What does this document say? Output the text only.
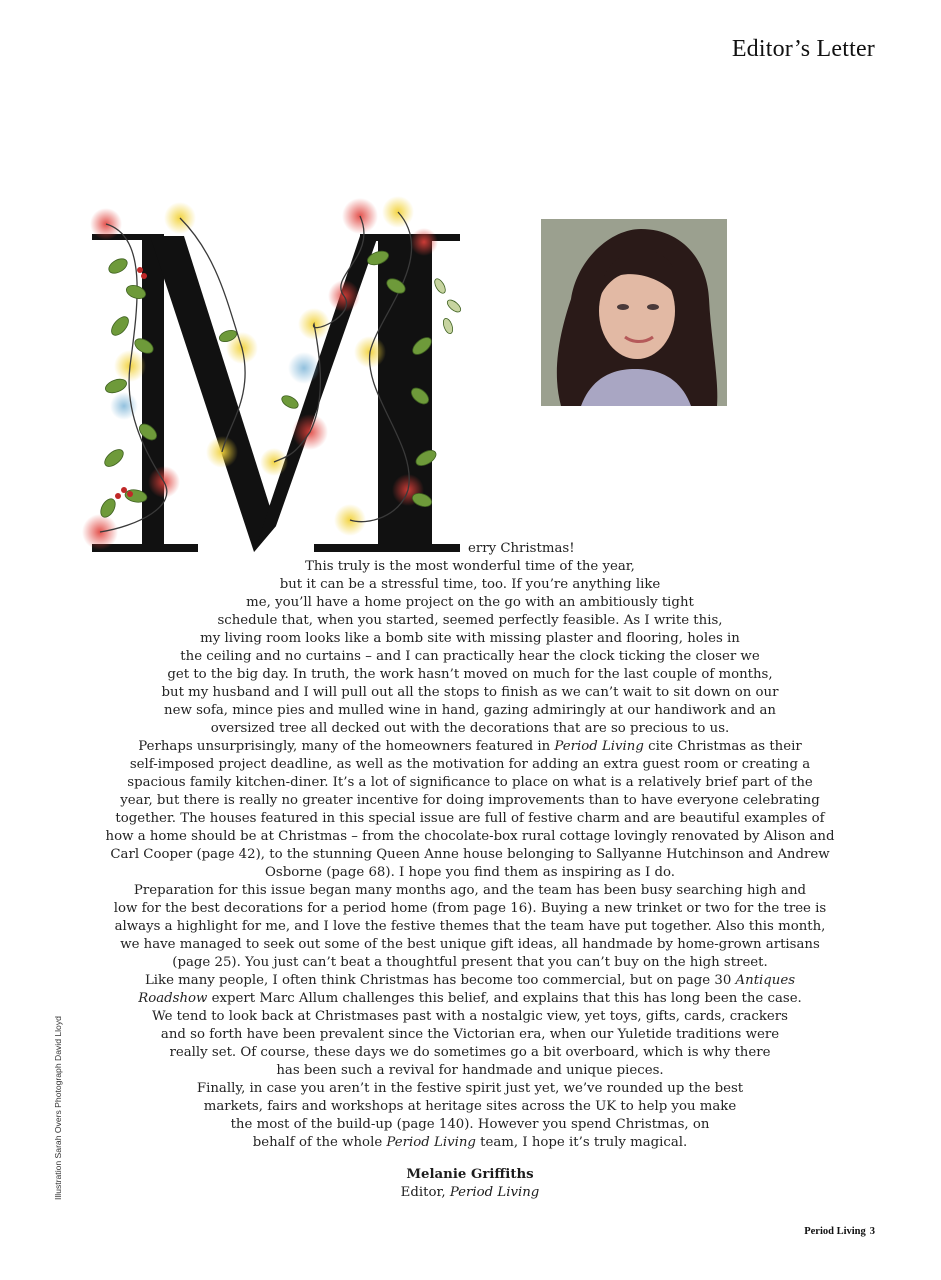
Editor’s Letter
erry Christmas!
This truly is the most wonderful time of the year,
but it can be a stressful time, too. If you’re anything like
me, you’ll have a home project on the go with an ambitiously tight
schedule that, when you started, seemed perfectly feasible. As I write this,
my living room looks like a bomb site with missing plaster and flooring, holes in
the ceiling and no curtains – and I can practically hear the clock ticking the closer we
get to the big day. In truth, the work hasn’t moved on much for the last couple of months,
but my husband and I will pull out all the stops to finish as we can’t wait to sit down on our
new sofa, mince pies and mulled wine in hand, gazing admiringly at our handiwork and an
oversized tree all decked out with the decorations that are so precious to us.
Perhaps unsurprisingly, many of the homeowners featured in Period Living cite Christmas as their
self-imposed project deadline, as well as the motivation for adding an extra guest room or creating a
spacious family kitchen-diner. It’s a lot of significance to place on what is a relatively brief part of the
year, but there is really no greater incentive for doing improvements than to have everyone celebrating
together. The houses featured in this special issue are full of festive charm and are beautiful examples of
how a home should be at Christmas – from the chocolate-box rural cottage lovingly renovated by Alison and
Carl Cooper (page 42), to the stunning Queen Anne house belonging to Sallyanne Hutchinson and Andrew
Osborne (page 68). I hope you find them as inspiring as I do.
Preparation for this issue began many months ago, and the team has been busy searching high and
low for the best decorations for a period home (from page 16). Buying a new trinket or two for the tree is
always a highlight for me, and I love the festive themes that the team have put together. Also this month,
we have managed to seek out some of the best unique gift ideas, all handmade by home-grown artisans
(page 25). You just can’t beat a thoughtful present that you can’t buy on the high street.
Like many people, I often think Christmas has become too commercial, but on page 30 Antiques
Roadshow expert Marc Allum challenges this belief, and explains that this has long been the case.
We tend to look back at Christmases past with a nostalgic view, yet toys, gifts, cards, crackers
and so forth have been prevalent since the Victorian era, when our Yuletide traditions were
really set. Of course, these days we do sometimes go a bit overboard, which is why there
has been such a revival for handmade and unique pieces.
Finally, in case you aren’t in the festive spirit just yet, we’ve rounded up the best
markets, fairs and workshops at heritage sites across the UK to help you make
the most of the build-up (page 140). However you spend Christmas, on
behalf of the whole Period Living team, I hope it’s truly magical.
Melanie Griffiths
Editor, Period Living
Illustration Sarah Overs Photograph David Lloyd
Period Living 3
